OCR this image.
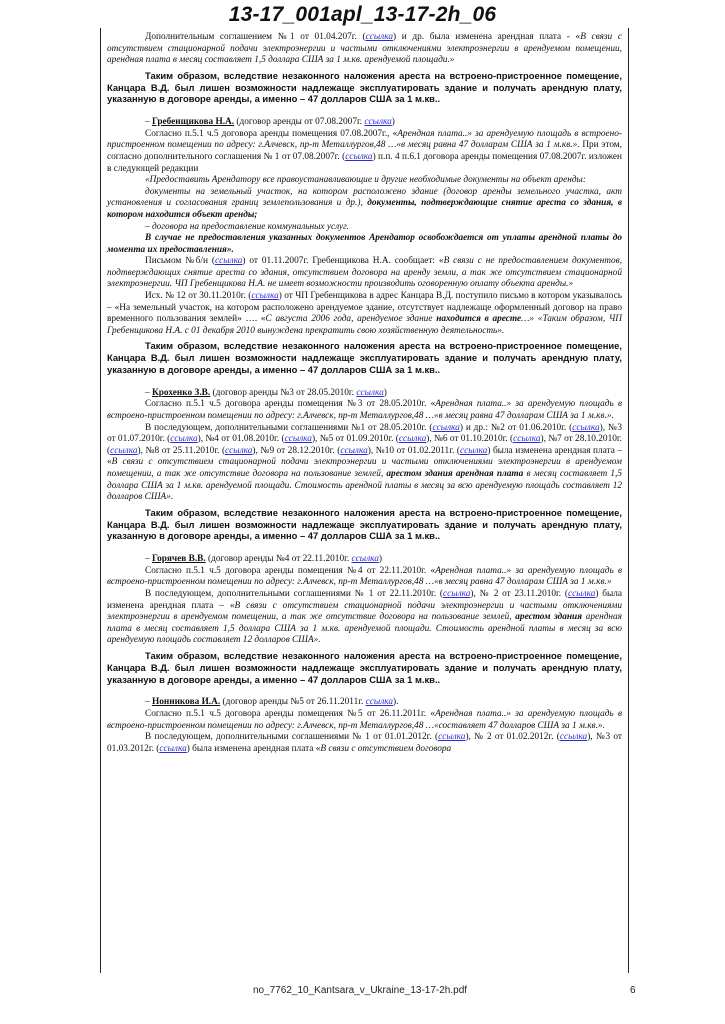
13-17_001apl_13-17-2h_06

Дополнительным соглашением №1 от 01.04.207г. (ссылка) и др. была изменена арендная плата - «В связи с отсутствием стационарной подачи электроэнергии и частыми отключениями электроэнергии в арендуемом помещении, арендная плата в месяц составляет 1,5 доллара США за 1 м.кв. арендуемой площади.»

Таким образом, вследствие незаконного наложения ареста на встроено-пристроенное помещение, Канцара В.Д. был лишен возможности надлежаще эксплуатировать здание и получать арендную плату, указанную в договоре аренды, а именно – 47 долларов США за 1 м.кв..

– Гребенщикова Н.А. (договор аренды от 07.08.2007г. ссылка)

Согласно п.5.1 ч.5 договора аренды помещения 07.08.2007г., «Арендная плата..» за арендуемую площадь в встроено-пристроенном помещении по адресу: г.Алчевск, пр-т Металлургов,48 …«в месяц равна 47 долларам США за 1 м.кв.». При этом, согласно дополнительного соглашения № 1 от 07.08.2007г. (ссылка) п.п. 4 п.6.1 договора аренды помещения 07.08.2007г. изложен в следующей редакции

«Предоставить Арендатору все правоустанавливающие и другие необходимые документы на объект аренды:

документы на земельный участок, на котором расположено здание (договор аренды земельного участка, акт установления и согласования границ землепользования и др.), документы, подтверждающие снятие ареста со здания, в котором находится объект аренды;

– договора на предоставление коммунальных услуг.

В случае не предоставления указанных документов Арендатор освобождается от уплаты арендной платы до момента их предоставления».

Письмом №б/н (ссылка) от 01.11.2007г. Гребенщикова Н.А. сообщает: «В связи с не предоставлением документов, подтверждающих снятие ареста со здания, отсутствием договора на аренду земли, а так же отсутствием стационарной электроэнергии. ЧП Гребенщикова Н.А. не имеет возможности производить оговоренную оплату объекта аренды.»

Исх. № 12 от 30.11.2010г. (ссылка) от ЧП Гребенщикова в адрес Канцара В.Д. поступило письмо в котором указывалось – «На земельный участок, на котором расположено арендуемое здание, отсутствует надлежаще оформленный договор на право временного пользования землей» …. «С августа 2006 года, арендуемое здание находится в аресте…» «Таким образом, ЧП Гребенщикова Н.А. с 01 декабря 2010 вынуждена прекратить свою хозяйственную деятельность».

Таким образом, вследствие незаконного наложения ареста на встроено-пристроенное помещение, Канцара В.Д. был лишен возможности надлежаще эксплуатировать здание и получать арендную плату, указанную в договоре аренды, а именно – 47 долларов США за 1 м.кв..

– Крохенко З.В. (договор аренды №3 от 28.05.2010г. ссылка)

Согласно п.5.1 ч.5 договора аренды помещения №3 от 28.05.2010г. «Арендная плата..» за арендуемую площадь в встроено-пристроенном помещении по адресу: г.Алчевск, пр-т Металлургов,48 …«в месяц равна 47 долларам США за 1 м.кв.».

В последующем, дополнительными соглашениями №1 от 28.05.2010г. (ссылка) и др.: №2 от 01.06.2010г. (ссылка), №3 от 01.07.2010г. (ссылка), №4 от 01.08.2010г. (ссылка), №5 от 01.09.2010г. (ссылка), №6 от 01.10.2010г. (ссылка), №7 от 28.10.2010г. (ссылка), №8 от 25.11.2010г. (ссылка), №9 от 28.12.2010г. (ссылка), №10 от 01.02.2011г. (ссылка) была изменена арендная плата – «В связи с отсутствием стационарной подачи электроэнергии и частыми отключениями электроэнергии в арендуемом помещении, а так же отсутствие договора на пользование землей, арестом здания арендная плата в месяц составляет 1,5 доллара США за 1 м.кв. арендуемой площади. Стоимость арендной платы в месяц за всю арендуемую площадь составляет 12 долларов США».

Таким образом, вследствие незаконного наложения ареста на встроено-пристроенное помещение, Канцара В.Д. был лишен возможности надлежаще эксплуатировать здание и получать арендную плату, указанную в договоре аренды, а именно – 47 долларов США за 1 м.кв..

– Горячев В.В. (договор аренды №4 от 22.11.2010г. ссылка)

Согласно п.5.1 ч.5 договора аренды помещения №4 от 22.11.2010г. «Арендная плата..» за арендуемую площадь в встроено-пристроенном помещении по адресу: г.Алчевск, пр-т Металлургов,48 …«в месяц равна 47 долларам США за 1 м.кв.»

В последующем, дополнительными соглашениями № 1 от 22.11.2010г. (ссылка), № 2 от 23.11.2010г. (ссылка) была изменена арендная плата – «В связи с отсутствием стационарной подачи электроэнергии и частыми отключениями электроэнергии в арендуемом помещении, а так же отсутствие договора на пользование землей, арестом здания арендная плата в месяц составляет 1,5 доллара США за 1 м.кв. арендуемой площади. Стоимость арендной платы в месяц за всю арендуемую площадь составляет 12 долларов США».

Таким образом, вследствие незаконного наложения ареста на встроено-пристроенное помещение, Канцара В.Д. был лишен возможности надлежаще эксплуатировать здание и получать арендную плату, указанную в договоре аренды, а именно – 47 долларов США за 1 м.кв..

– Нонникова И.А. (договор аренды №5 от 26.11.2011г. ссылка).

Согласно п.5.1 ч.5 договора аренды помещения №5 от 26.11.2011г. «Арендная плата..» за арендуемую площадь в встроено-пристроенном помещении по адресу: г.Алчевск, пр-т Металлургов,48 …«составляет 47 долларов США за 1 м.кв.».

В последующем, дополнительными соглашениями № 1 от 01.01.2012г. (ссылка), № 2 от 01.02.2012г. (ссылка), №3 от 01.03.2012г. (ссылка) была изменена арендная плата «В связи с отсутствием договора

no_7762_10_Kantsara_v_Ukraine_13-17-2h.pdf	6
